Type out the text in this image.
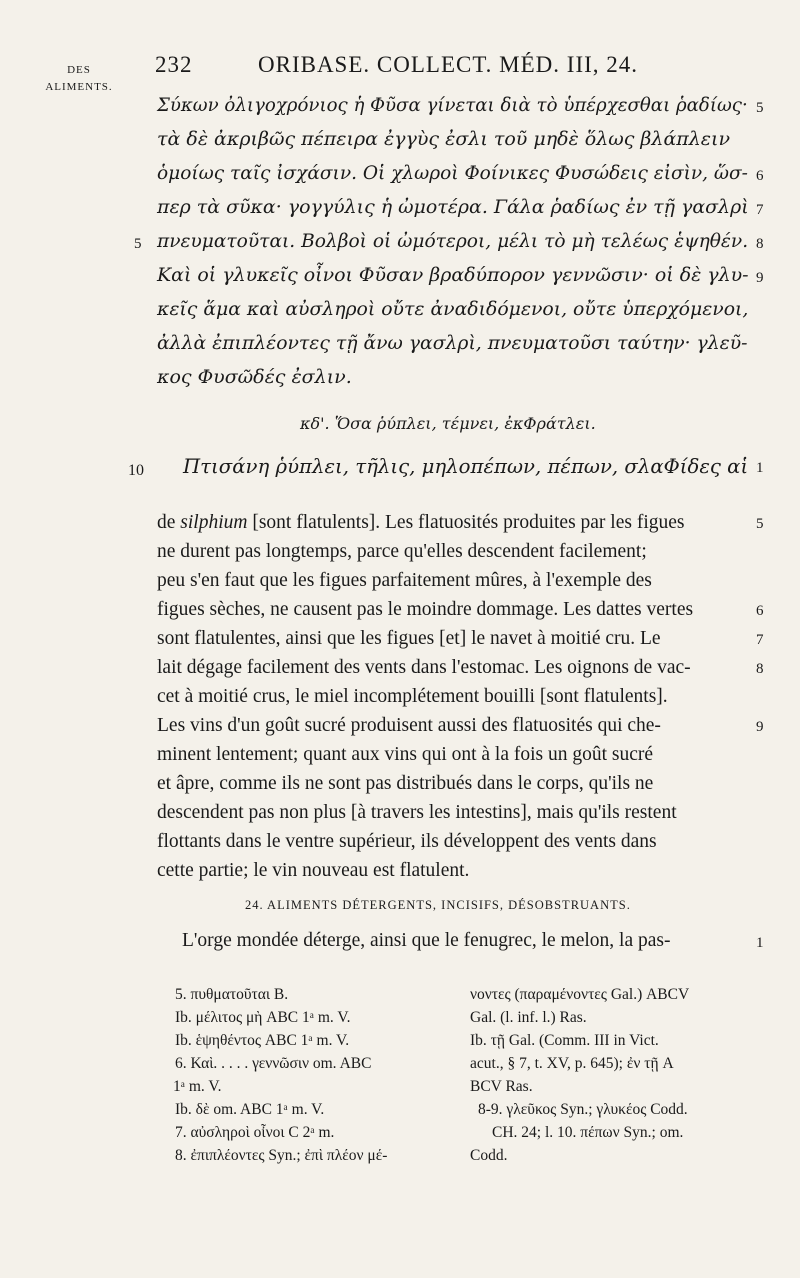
DES
ALIMENTS.
232	ORIBASE. COLLECT. MÉD. III, 24.
Σύκων ὀλιγοχρόνιος ἡ Φῦσα γίνεται διὰ τὸ ὑπέρχεσθαι ῥαδίως· 5
τὰ δὲ ἀκριβῶς πέπειρα ἐγγὺς ἐσλι τοῦ μηδὲ ὅλως βλάπλειν
ὁμοίως ταῖς ἰσχάσιν. Οἱ χλωροὶ Φοίνικες Φυσώδεις εἰσὶν, ὥσ- 6
περ τὰ σῦκα· γογγύλις ἡ ὠμοτέρα. Γάλα ῥαδίως ἐν τῇ γασλρὶ 7
5 πνευματοῦται. Βολβοὶ οἱ ὠμότεροι, μέλι τὸ μὴ τελέως ἑψηθέν. 8
Καὶ οἱ γλυκεῖς οἶνοι Φῦσαν βραδύπορον γεννῶσιν· οἱ δὲ γλυ- 9
κεῖς ἅμα καὶ αὐσληροὶ οὔτε ἀναδιδόμενοι, οὔτε ὑπερχόμενοι,
ἀλλὰ ἐπιπλέοντες τῇ ἄνω γασλρὶ, πνευματοῦσι ταύτην· γλεῦ-
κος Φυσῶδές ἐσλιν.
κδ'. Ὅσα ῥύπλει, τέμνει, ἐκΦράτλει.
10 Πτισάνη ῥύπλει, τῆλις, μηλοπέπων, πέπων, σλαΦίδες αἱ 1
de silphium [sont flatulents]. Les flatuosités produites par les figues	5
ne durent pas longtemps, parce qu'elles descendent facilement;
peu s'en faut que les figues parfaitement mûres, à l'exemple des
figues sèches, ne causent pas le moindre dommage. Les dattes vertes	6
sont flatulentes, ainsi que les figues [et] le navet à moitié cru. Le	7
lait dégage facilement des vents dans l'estomac. Les oignons de vac-	8
cet à moitié crus, le miel incomplétement bouilli [sont flatulents].
Les vins d'un goût sucré produisent aussi des flatuosités qui che-	9
minent lentement; quant aux vins qui ont à la fois un goût sucré
et âpre, comme ils ne sont pas distribués dans le corps, qu'ils ne
descendent pas non plus [à travers les intestins], mais qu'ils restent
flottants dans le ventre supérieur, ils développent des vents dans
cette partie; le vin nouveau est flatulent.
24. ALIMENTS DÉTERGENTS, INCISIFS, DÉSOBSTRUANTS.
L'orge mondée déterge, ainsi que le fenugrec, le melon, la pas-	1
5. πυθματοῦται B.
Ib. μέλιτος μὴ ABC 1ᵃ m. V.
Ib. ἑψηθέντος ABC 1ᵃ m. V.
6. Καὶ. . . . . γεννῶσιν om. ABC
1ᵃ m. V.
Ib. δὲ om. ABC 1ᵃ m. V.
7. αὐσληροὶ οἶνοι C 2ᵃ m.
8. ἐπιπλέοντες Syn.; ἐπὶ πλέον μέ-
νοντες (παραμένοντες Gal.) ABCV
Gal. (l. inf. l.) Ras.
Ib. τῇ Gal. (Comm. III in Vict.
acut., § 7, t. XV, p. 645); ἐν τῇ A
BCV Ras.
8-9. γλεῦκος Syn.; γλυκέος Codd.
CH. 24; l. 10. πέπων Syn.; om.
Codd.
